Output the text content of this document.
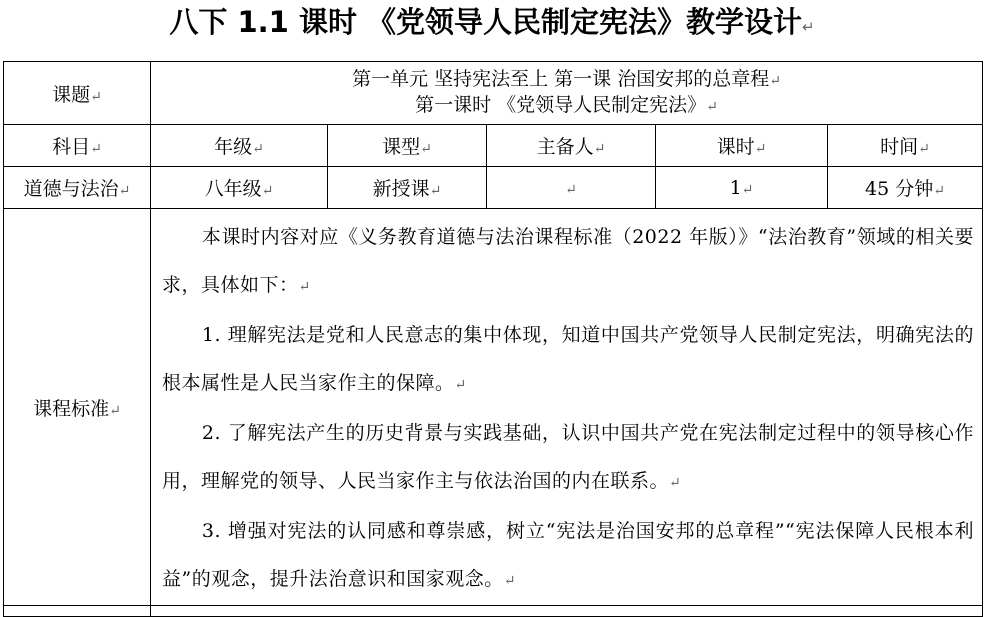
八下 1.1 课时 《党领导人民制定宪法》教学设计↵
课题↵	第一单元 坚持宪法至上 第一课 治国安邦的总章程↵
第一课时 《党领导人民制定宪法》↵				

科目↵	年级↵	课型↵	主备人↵	课时↵	时间↵
道德与法治↵	八年级↵	新授课↵	↵	1↵	45 分钟↵
课程标准↵	本课时内容对应《义务教育道德与法治课程标准（2022 年版）》“法治教育”领域的相关要求，具体如下：↵

1. 理解宪法是党和人民意志的集中体现，知道中国共产党领导人民制定宪法，明确宪法的根本属性是人民当家作主的保障。↵

2. 了解宪法产生的历史背景与实践基础，认识中国共产党在宪法制定过程中的领导核心作用，理解党的领导、人民当家作主与依法治国的内在联系。↵

3. 增强对宪法的认同感和尊崇感，树立“宪法是治国安邦的总章程”“宪法保障人民根本利益”的观念，提升法治意识和国家观念。↵				
